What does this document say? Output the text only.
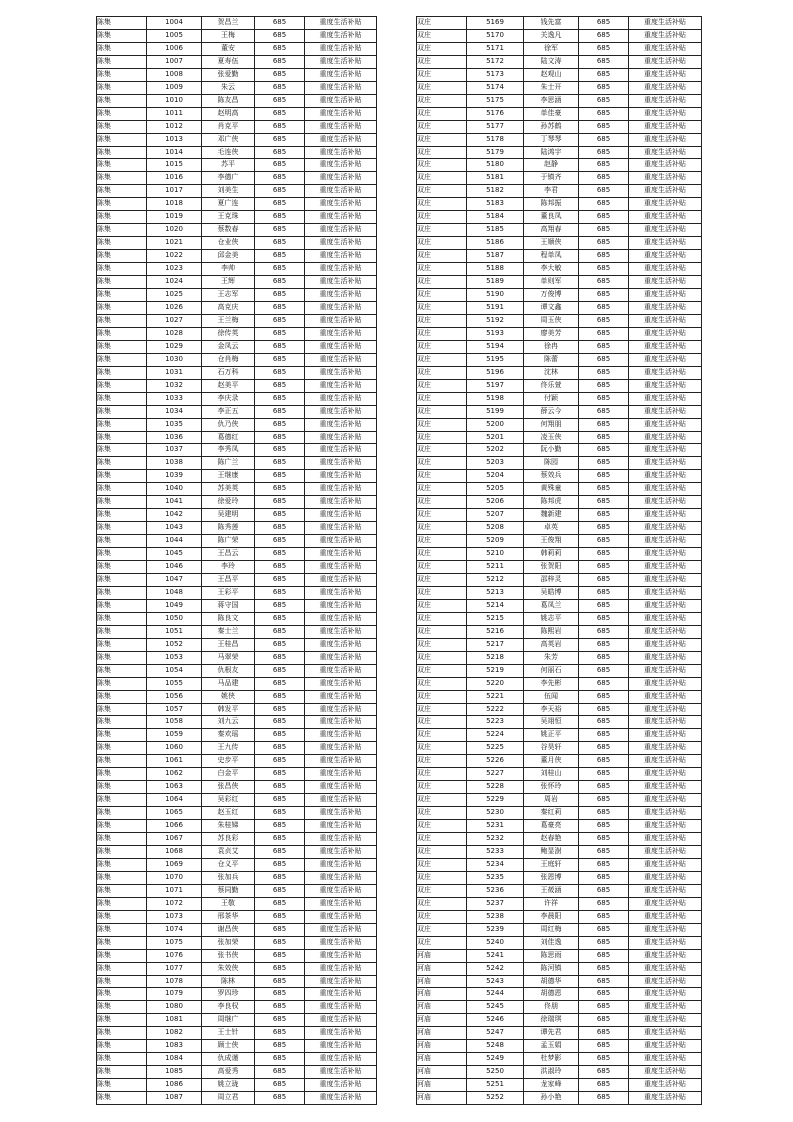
陈集	1004	贺昌兰	685	重度生活补贴
陈集	1005	王梅	685	重度生活补贴
陈集	1006	董安	685	重度生活补贴
陈集	1007	夏寿伍	685	重度生活补贴
陈集	1008	张爱勤	685	重度生活补贴
陈集	1009	朱云	685	重度生活补贴
陈集	1010	陈友昌	685	重度生活补贴
陈集	1011	赵明高	685	重度生活补贴
陈集	1012	肖克平	685	重度生活补贴
陈集	1013	邓广侠	685	重度生活补贴
陈集	1014	毛连侠	685	重度生活补贴
陈集	1015	苏平	685	重度生活补贴
陈集	1016	李德广	685	重度生活补贴
陈集	1017	刘美生	685	重度生活补贴
陈集	1018	夏广连	685	重度生活补贴
陈集	1019	王克珠	685	重度生活补贴
陈集	1020	蔡数春	685	重度生活补贴
陈集	1021	仓业侠	685	重度生活补贴
陈集	1022	邱金美	685	重度生活补贴
陈集	1023	李帅	685	重度生活补贴
陈集	1024	王辉	685	重度生活补贴
陈集	1025	王志军	685	重度生活补贴
陈集	1026	高克庆	685	重度生活补贴
陈集	1027	王兰梅	685	重度生活补贴
陈集	1028	徐传英	685	重度生活补贴
陈集	1029	金凤云	685	重度生活补贴
陈集	1030	仓肖梅	685	重度生活补贴
陈集	1031	石万科	685	重度生活补贴
陈集	1032	赵美平	685	重度生活补贴
陈集	1033	李庆录	685	重度生活补贴
陈集	1034	李正五	685	重度生活补贴
陈集	1035	仇乃侠	685	重度生活补贴
陈集	1036	葛德红	685	重度生活补贴
陈集	1037	李秀凤	685	重度生活补贴
陈集	1038	陈广兰	685	重度生活补贴
陈集	1039	王继康	685	重度生活补贴
陈集	1040	苏美英	685	重度生活补贴
陈集	1041	徐爱玲	685	重度生活补贴
陈集	1042	吴建明	685	重度生活补贴
陈集	1043	陈秀莲	685	重度生活补贴
陈集	1044	陈广荣	685	重度生活补贴
陈集	1045	王昌云	685	重度生活补贴
陈集	1046	李玲	685	重度生活补贴
陈集	1047	王昌平	685	重度生活补贴
陈集	1048	王彩平	685	重度生活补贴
陈集	1049	蒋守国	685	重度生活补贴
陈集	1050	陈良文	685	重度生活补贴
陈集	1051	秦士兰	685	重度生活补贴
陈集	1052	王桂昌	685	重度生活补贴
陈集	1053	马翠荣	685	重度生活补贴
陈集	1054	仇根友	685	重度生活补贴
陈集	1055	马品建	685	重度生活补贴
陈集	1056	姚侠	685	重度生活补贴
陈集	1057	韩发平	685	重度生活补贴
陈集	1058	刘九云	685	重度生活补贴
陈集	1059	秦欢瑶	685	重度生活补贴
陈集	1060	王九传	685	重度生活补贴
陈集	1061	史步平	685	重度生活补贴
陈集	1062	白金平	685	重度生活补贴
陈集	1063	张昌侠	685	重度生活补贴
陈集	1064	吴彩红	685	重度生活补贴
陈集	1065	赵玉红	685	重度生活补贴
陈集	1066	朱桂娣	685	重度生活补贴
陈集	1067	苏良彩	685	重度生活补贴
陈集	1068	袁贞艾	685	重度生活补贴
陈集	1069	仓义平	685	重度生活补贴
陈集	1070	张加兵	685	重度生活补贴
陈集	1071	蔡同勤	685	重度生活补贴
陈集	1072	王敬	685	重度生活补贴
陈集	1073	邢茶华	685	重度生活补贴
陈集	1074	谢昌侠	685	重度生活补贴
陈集	1075	张加荣	685	重度生活补贴
陈集	1076	张书侠	685	重度生活补贴
陈集	1077	朱效侠	685	重度生活补贴
陈集	1078	陈林	685	重度生活补贴
陈集	1079	罗四珍	685	重度生活补贴
陈集	1080	李良权	685	重度生活补贴
陈集	1081	周继广	685	重度生活补贴
陈集	1082	王士针	685	重度生活补贴
陈集	1083	顾士侠	685	重度生活补贴
陈集	1084	仇成谨	685	重度生活补贴
陈集	1085	高爱秀	685	重度生活补贴
陈集	1086	姚立珑	685	重度生活补贴
陈集	1087	周立君	685	重度生活补贴
双庄	5169	钱先富	685	重度生活补贴
双庄	5170	关逸凡	685	重度生活补贴
双庄	5171	徐军	685	重度生活补贴
双庄	5172	陆文涛	685	重度生活补贴
双庄	5173	赵观山	685	重度生活补贴
双庄	5174	朱士开	685	重度生活补贴
双庄	5175	李思涵	685	重度生活补贴
双庄	5176	单佳豪	685	重度生活补贴
双庄	5177	孙苏鹤	685	重度生活补贴
双庄	5178	丁琴琴	685	重度生活补贴
双庄	5179	陆鸿宇	685	重度生活补贴
双庄	5180	赵静	685	重度生活补贴
双庄	5181	于镇齐	685	重度生活补贴
双庄	5182	李君	685	重度生活补贴
双庄	5183	陈邦振	685	重度生活补贴
双庄	5184	董良凤	685	重度生活补贴
双庄	5185	高翔春	685	重度生活补贴
双庄	5186	王顺侠	685	重度生活补贴
双庄	5187	程单凤	685	重度生活补贴
双庄	5188	李大敏	685	重度生活补贴
双庄	5189	单则军	685	重度生活补贴
双庄	5190	万俊博	685	重度生活补贴
双庄	5191	谭文鑫	685	重度生活补贴
双庄	5192	周玉侠	685	重度生活补贴
双庄	5193	廖美芳	685	重度生活补贴
双庄	5194	徐冉	685	重度生活补贴
双庄	5195	陈蕾	685	重度生活补贴
双庄	5196	沈林	685	重度生活补贴
双庄	5197	佟乐萱	685	重度生活补贴
双庄	5198	付颖	685	重度生活补贴
双庄	5199	薛云今	685	重度生活补贴
双庄	5200	何翔朋	685	重度生活补贴
双庄	5201	凌玉侠	685	重度生活补贴
双庄	5202	阮小勤	685	重度生活补贴
双庄	5203	陈园	685	重度生活补贴
双庄	5204	蔡效兵	685	重度生活补贴
双庄	5205	黄殊童	685	重度生活补贴
双庄	5206	陈邦虎	685	重度生活补贴
双庄	5207	魏新建	685	重度生活补贴
双庄	5208	卓英	685	重度生活补贴
双庄	5209	王俊翔	685	重度生活补贴
双庄	5210	韩莉莉	685	重度生活补贴
双庄	5211	张贺阳	685	重度生活补贴
双庄	5212	邵梓灵	685	重度生活补贴
双庄	5213	吴皓博	685	重度生活补贴
双庄	5214	葛凤兰	685	重度生活补贴
双庄	5215	姚志平	685	重度生活补贴
双庄	5216	陈熙岩	685	重度生活补贴
双庄	5217	高英岩	685	重度生活补贴
双庄	5218	朱芳	685	重度生活补贴
双庄	5219	何丽石	685	重度生活补贴
双庄	5220	李先彬	685	重度生活补贴
双庄	5221	伍闻	685	重度生活补贴
双庄	5222	李天裕	685	重度生活补贴
双庄	5223	吴翊恒	685	重度生活补贴
双庄	5224	姚正平	685	重度生活补贴
双庄	5225	谷昊轩	685	重度生活补贴
双庄	5226	董月侠	685	重度生活补贴
双庄	5227	刘桂山	685	重度生活补贴
双庄	5228	张怀玲	685	重度生活补贴
双庄	5229	周岩	685	重度生活补贴
双庄	5230	秦红莉	685	重度生活补贴
双庄	5231	葛豪亮	685	重度生活补贴
双庄	5232	赵春艳	685	重度生活补贴
双庄	5233	鲍显澍	685	重度生活补贴
双庄	5234	王庭轩	685	重度生活补贴
双庄	5235	张恩博	685	重度生活补贴
双庄	5236	王莜涵	685	重度生活补贴
双庄	5237	许祥	685	重度生活补贴
双庄	5238	李晨阳	685	重度生活补贴
双庄	5239	周红梅	685	重度生活补贴
双庄	5240	刘佳逸	685	重度生活补贴
河庙	5241	陈思雨	685	重度生活补贴
河庙	5242	陈河镇	685	重度生活补贴
河庙	5243	胡德华	685	重度生活补贴
河庙	5244	胡德恩	685	重度生活补贴
河庙	5245	佟朋	685	重度生活补贴
河庙	5246	徐瑞琪	685	重度生活补贴
河庙	5247	谭先君	685	重度生活补贴
河庙	5248	孟玉娟	685	重度生活补贴
河庙	5249	杜梦影	685	重度生活补贴
河庙	5250	洪淑玲	685	重度生活补贴
河庙	5251	龙家峰	685	重度生活补贴
河庙	5252	孙小艳	685	重度生活补贴
